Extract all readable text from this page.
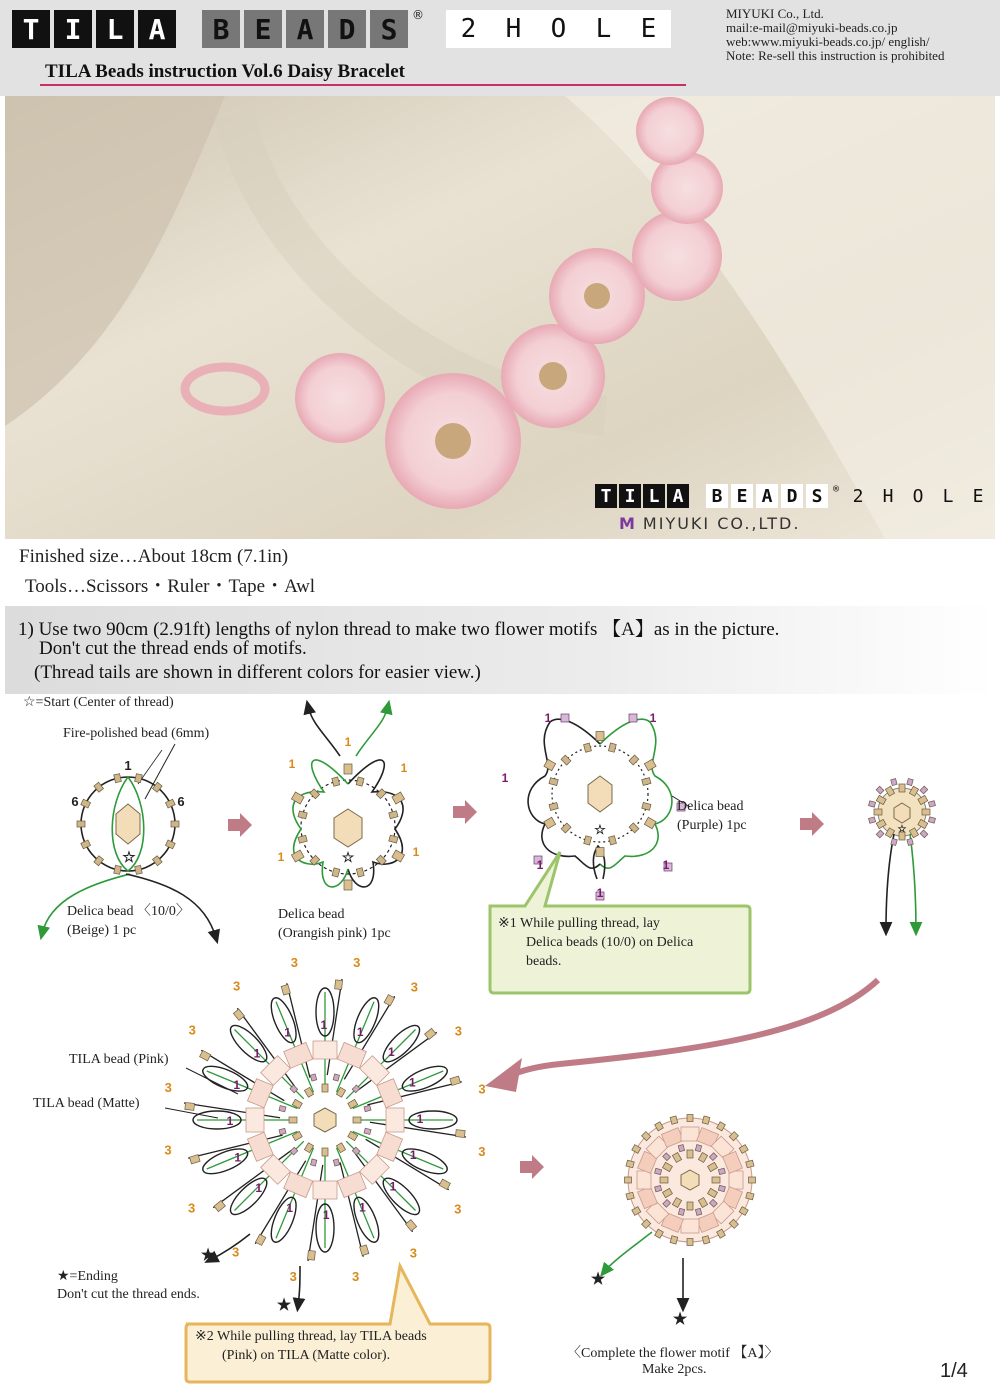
T I L A	B E A D S	®	2	H	O	L	E
MIYUKI Co., Ltd.
mail:e-mail@miyuki-beads.co.jp
web:www.miyuki-beads.co.jp/ english/
Note: Re-sell this instruction is prohibited
TILA Beads instruction Vol.6 Daisy Bracelet
T I L A	B E A D S	® 2	H	O	L	E
M MIYUKI CO.,LTD.
Finished size…About 18cm (7.1in)
Tools…Scissors・Ruler・Tape・Awl
1) Use two 90cm (2.91ft) lengths of nylon thread to make two flower motifs 【A】as in the picture.
Don't cut the thread ends of motifs.
(Thread tails are shown in different colors for easier view.)
1
6	6
☆
1
1	1
1	1
☆
1	1
1
1	1
1
☆	☆
3
1
3
1
3
1
3
1
3
1
3
1
3
1
3
1
3	1
3
1
3
1
3
1
3
1
3
1
3
1	3
1
★
★
★
★
☆=Start (Center of thread)
Fire-polished bead (6mm)
Delica bead 〈10/0〉
(Beige) 1 pc
Delica bead
(Orangish pink) 1pc
Delica bead
(Purple) 1pc
※1 While pulling thread, lay
Delica beads (10/0) on Delica
beads.
TILA bead (Pink)
TILA bead (Matte)
★=Ending
Don't cut the thread ends.
※2 While pulling thread, lay TILA beads
(Pink) on TILA (Matte color).	〈Complete the flower motif 【A】〉
Make 2pcs.	1/4
